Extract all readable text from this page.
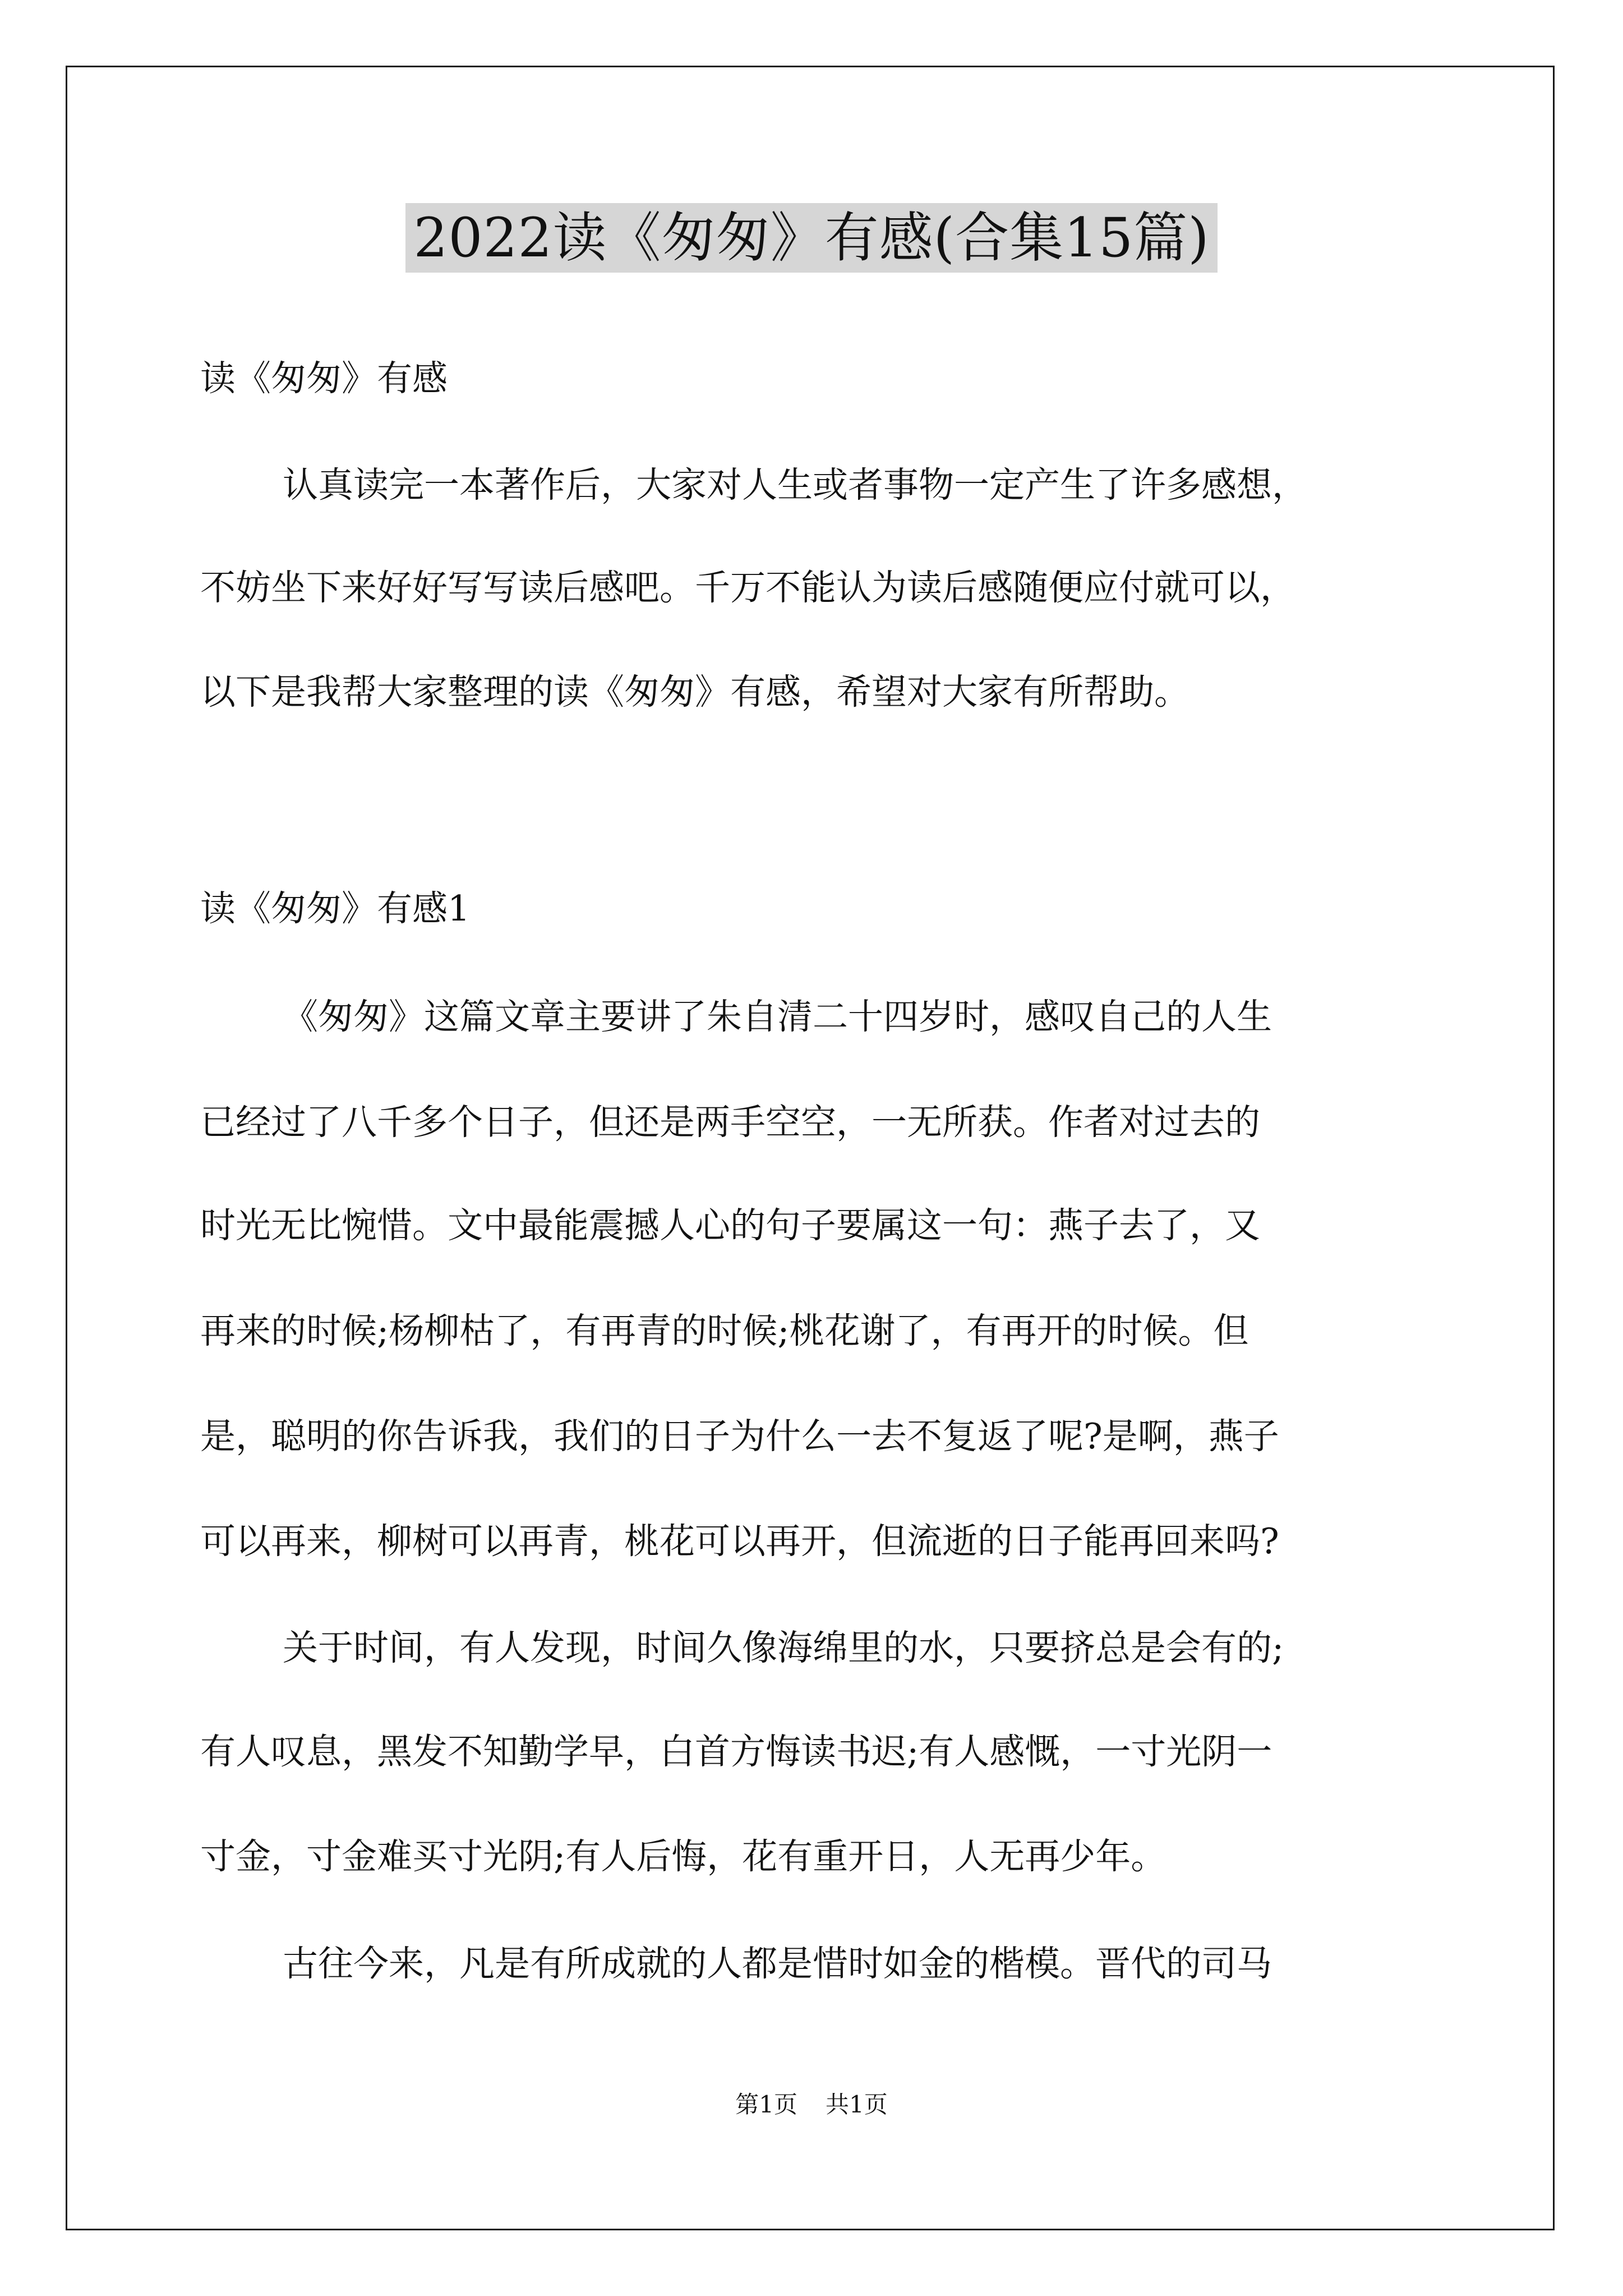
2022读《匆匆》有感(合集15篇)
读《匆匆》有感
认真读完一本著作后，大家对人生或者事物一定产生了许多感想，
不妨坐下来好好写写读后感吧。千万不能认为读后感随便应付就可以，
以下是我帮大家整理的读《匆匆》有感，希望对大家有所帮助。
读《匆匆》有感1
《匆匆》这篇文章主要讲了朱自清二十四岁时，感叹自己的人生
已经过了八千多个日子，但还是两手空空，一无所获。作者对过去的
时光无比惋惜。文中最能震撼人心的句子要属这一句：燕子去了，又
再来的时候;杨柳枯了，有再青的时候;桃花谢了，有再开的时候。但
是，聪明的你告诉我，我们的日子为什么一去不复返了呢?是啊，燕子
可以再来，柳树可以再青，桃花可以再开，但流逝的日子能再回来吗?
关于时间，有人发现，时间久像海绵里的水，只要挤总是会有的;
有人叹息，黑发不知勤学早，白首方悔读书迟;有人感慨，一寸光阴一
寸金，寸金难买寸光阴;有人后悔，花有重开日，人无再少年。
古往今来，凡是有所成就的人都是惜时如金的楷模。晋代的司马
第1页 共1页
